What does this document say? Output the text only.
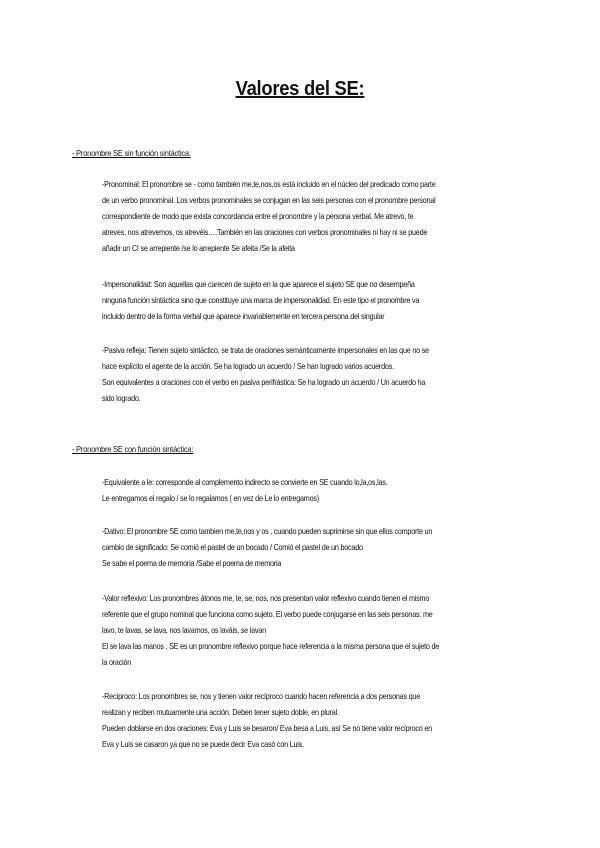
Valores del SE:
- Pronombre SE sin función sintáctica:
-Pronominal: El pronombre se - como también me,te,nos,os está incluido en el núcleo del predicado como parte
de un verbo pronominal. Los verbos pronominales se conjugan en las seis personas con el pronombre personal
correspondiente de modo que exista concordancia entre el pronombre y la persona verbal. Me atrevo, te
atreves, nos atrevemos, os atrevéis….También en las oraciones con verbos pronominales ni hay ni se puede
añadir un CI se arrepiente /se lo arrepiente Se afeita /Se la afeita
-Impersonalidad: Son aquellas que carecen de sujeto en la que aparece el sujeto SE que no desempeña
ninguna función sintáctica sino que constituye una marca de impersonalidad. En este tipo el pronombre va
incluido dentro de la forma verbal que aparece invariablemente en tercera persona del singular
-Pasiva refleja: Tienen sujeto sintáctico, se trata de oraciones semánticamente impersonales en las que no se
hace explícito el agente de la acción. Se ha logrado un acuerdo / Se han logrado varios acuerdos.
Son equivalentes a oraciones con el verbo en pasiva perifrástica: Se ha logrado un acuerdo / Un acuerdo ha
sido logrado.
- Pronombre SE con función sintáctica:
-Equivalente a le: corresponde al complemento indirecto se convierte en SE cuando lo,la,os,las.
Le entregamos el regalo / se lo regalamos ( en vez de Le lo entregamos)
-Dativo: El pronombre SE como tambien me,te,nos y os , cuando pueden suprimirse sin que ellos comporte un
cambio de significado: Se comió el pastel de un bocado / Comió el pastel de un bocado
Se sabe el poema de memoria /Sabe el poema de memoria
-Valor reflexivo: Los pronombres átonos me, te, se, nos, nos presentan valor reflexivo cuando tienen el mismo
referente que el grupo nominal que funciona como sujeto. El verbo puede conjugarse en las seis personas: me
lavo, te lavas, se lava, nos lavamos, os laváis, se lavan
El se lava las manos , SE es un pronombre reflexivo porque hace referencia a la misma persona que el sujeto de
la oración
-Recíproco: Los pronombres se, nos y tienen valor recíproco cuando hacen referencia a dos personas que
realizan y reciben mutuamente una acción. Deben tener sujeto doble, en plural.
Pueden doblarse en dos oraciones: Eva y Luis se besaron/ Eva besa a Luis, así Se no tiene valor recíproco en
Eva y Luis se casaron ya que no se puede decir Eva casó con Luis.
